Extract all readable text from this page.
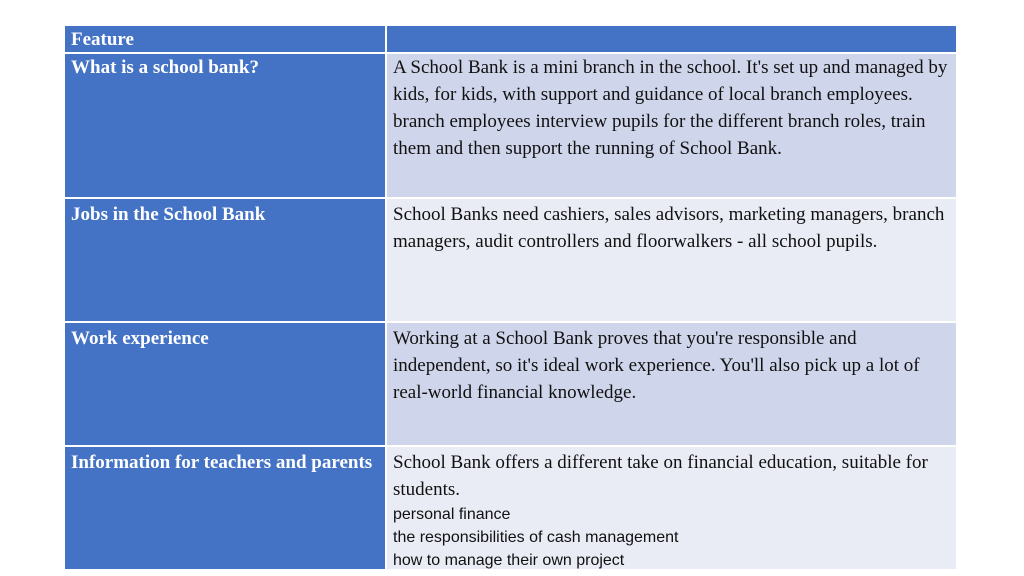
Feature
What is a school bank?	A School Bank is a mini branch in the school. It's set up and managed by kids, for kids, with support and guidance of local branch employees. branch employees interview pupils for the different branch roles, train them and then support the running of School Bank.
Jobs in the School Bank	School Banks need cashiers, sales advisors, marketing managers, branch managers, audit controllers and floorwalkers - all school pupils.
Work experience	Working at a School Bank proves that you're responsible and independent, so it's ideal work experience. You'll also pick up a lot of real-world financial knowledge.
Information for teachers and parents	School Bank offers a different take on financial education, suitable for students.
personal finance
the responsibilities of cash management
how to manage their own project
